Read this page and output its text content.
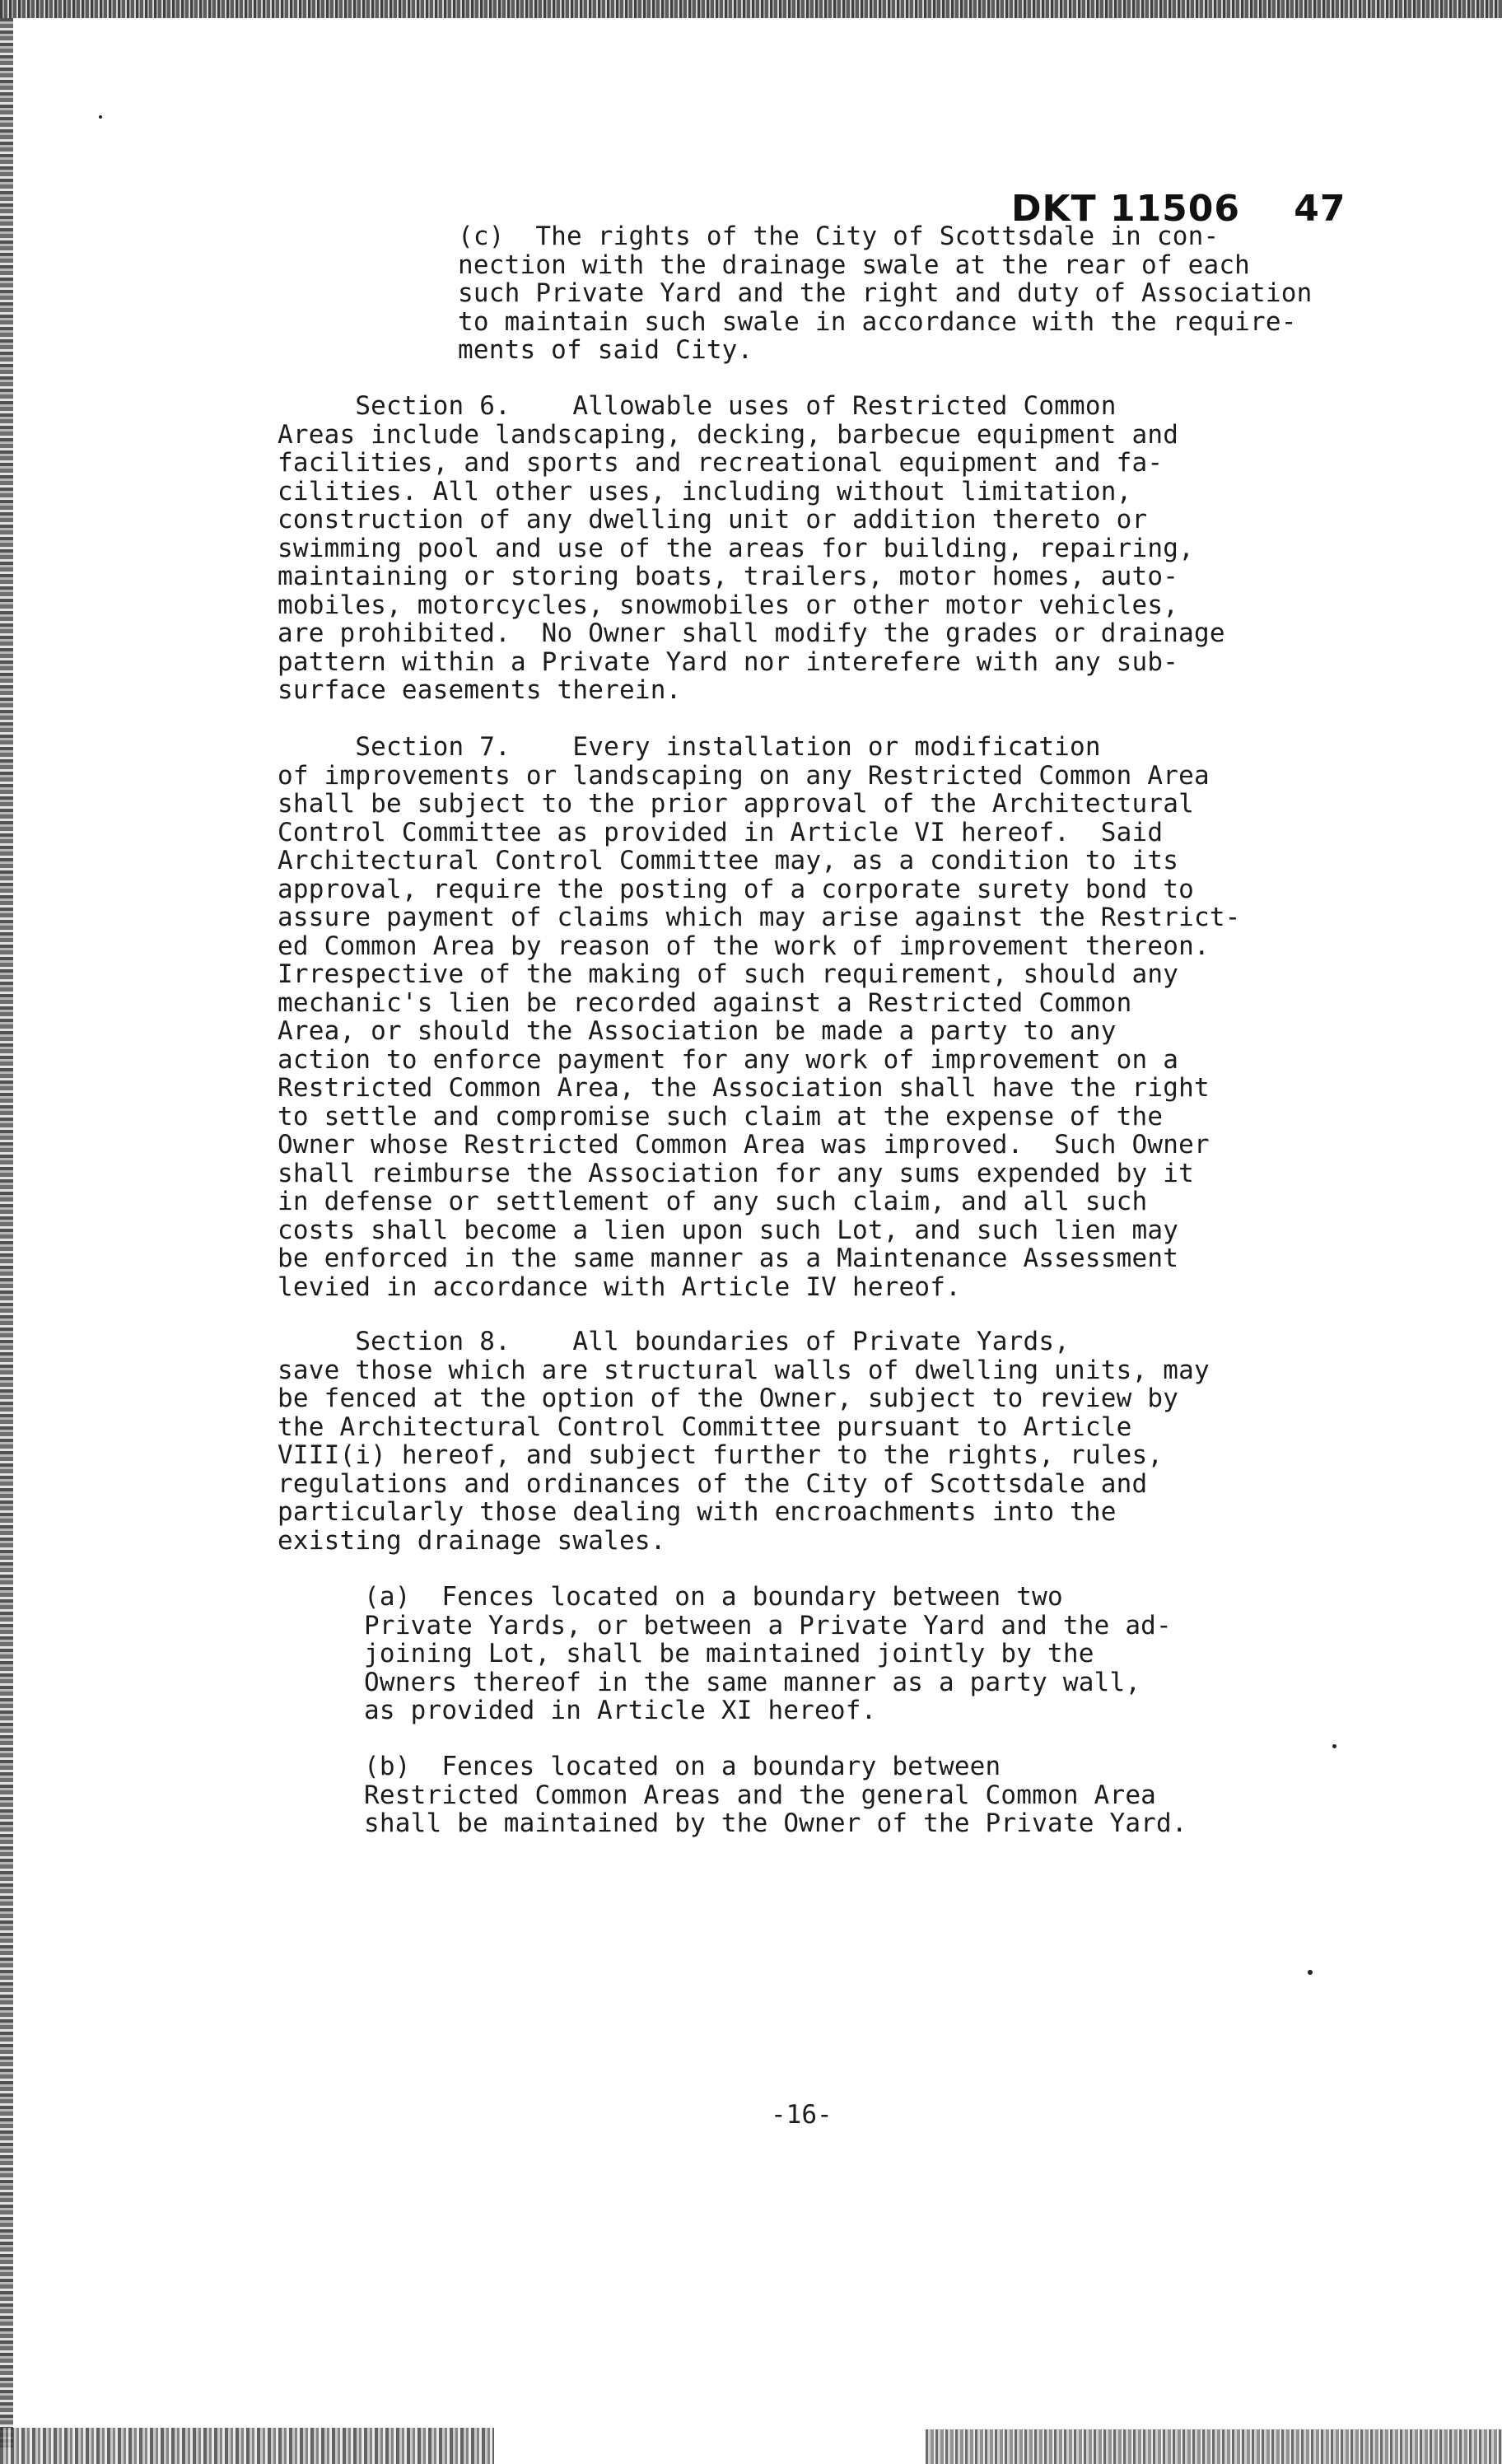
DKT 11506    47
(c)  The rights of the City of Scottsdale in con-
nection with the drainage swale at the rear of each
such Private Yard and the right and duty of Association
to maintain such swale in accordance with the require-
ments of said City.
Section 6.    Allowable uses of Restricted Common
Areas include landscaping, decking, barbecue equipment and
facilities, and sports and recreational equipment and fa-
cilities. All other uses, including without limitation,
construction of any dwelling unit or addition thereto or
swimming pool and use of the areas for building, repairing,
maintaining or storing boats, trailers, motor homes, auto-
mobiles, motorcycles, snowmobiles or other motor vehicles,
are prohibited.  No Owner shall modify the grades or drainage
pattern within a Private Yard nor interefere with any sub-
surface easements therein.
Section 7.    Every installation or modification
of improvements or landscaping on any Restricted Common Area
shall be subject to the prior approval of the Architectural
Control Committee as provided in Article VI hereof.  Said
Architectural Control Committee may, as a condition to its
approval, require the posting of a corporate surety bond to
assure payment of claims which may arise against the Restrict-
ed Common Area by reason of the work of improvement thereon.
Irrespective of the making of such requirement, should any
mechanic's lien be recorded against a Restricted Common
Area, or should the Association be made a party to any
action to enforce payment for any work of improvement on a
Restricted Common Area, the Association shall have the right
to settle and compromise such claim at the expense of the
Owner whose Restricted Common Area was improved.  Such Owner
shall reimburse the Association for any sums expended by it
in defense or settlement of any such claim, and all such
costs shall become a lien upon such Lot, and such lien may
be enforced in the same manner as a Maintenance Assessment
levied in accordance with Article IV hereof.
Section 8.    All boundaries of Private Yards,
save those which are structural walls of dwelling units, may
be fenced at the option of the Owner, subject to review by
the Architectural Control Committee pursuant to Article
VIII(i) hereof, and subject further to the rights, rules,
regulations and ordinances of the City of Scottsdale and
particularly those dealing with encroachments into the
existing drainage swales.
(a)  Fences located on a boundary between two
Private Yards, or between a Private Yard and the ad-
joining Lot, shall be maintained jointly by the
Owners thereof in the same manner as a party wall,
as provided in Article XI hereof.
(b)  Fences located on a boundary between
Restricted Common Areas and the general Common Area
shall be maintained by the Owner of the Private Yard.
-16-
